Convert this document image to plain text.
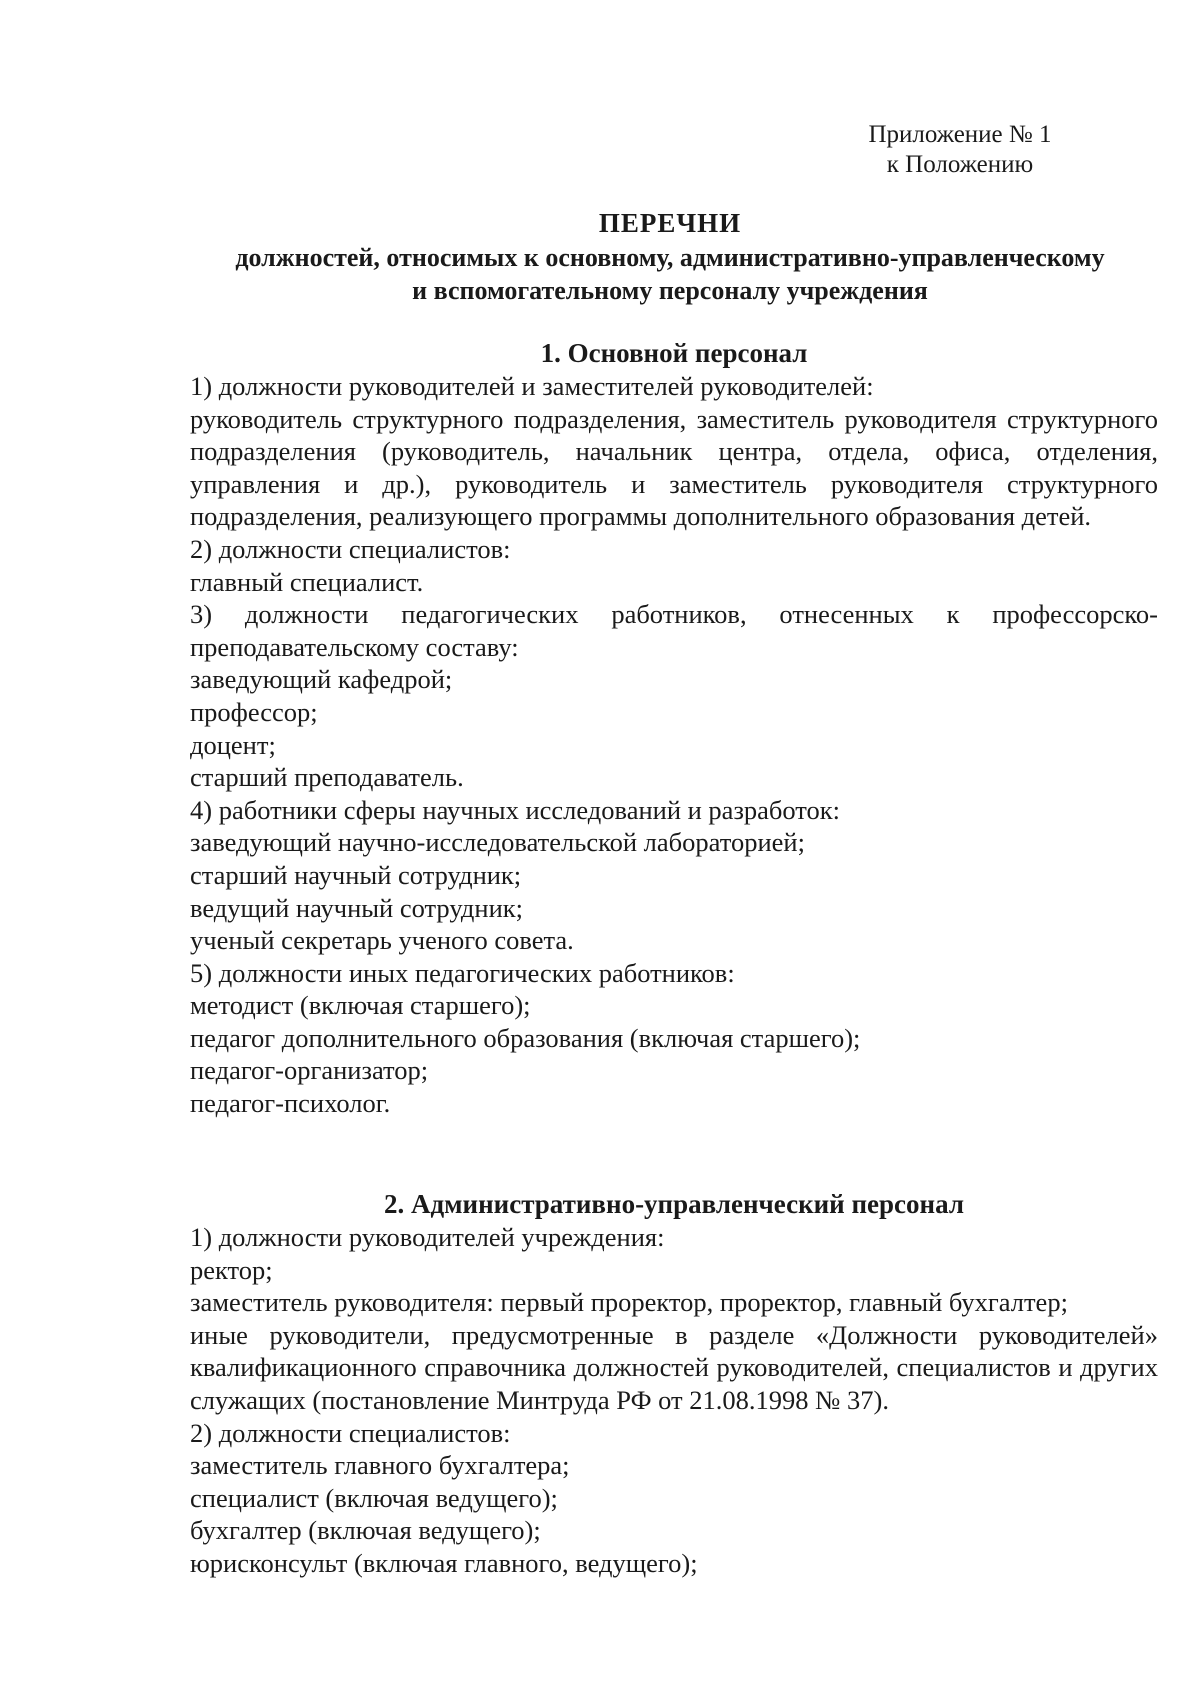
Приложение № 1
к Положению
ПЕРЕЧНИ
должностей, относимых к основному, административно-управленческому
и вспомогательному персоналу учреждения
1. Основной персонал

1) должности руководителей и заместителей руководителей:

руководитель структурного подразделения, заместитель руководителя структурного подразделения (руководитель, начальник центра, отдела, офиса, отделения, управления и др.), руководитель и заместитель руководителя структурного подразделения, реализующего программы дополнительного образования детей.

2) должности специалистов:

главный специалист.

3) должности педагогических работников, отнесенных к профессорско-

преподавательскому составу:

заведующий кафедрой;

профессор;

доцент;

старший преподаватель.

4) работники сферы научных исследований и разработок:

заведующий научно-исследовательской лабораторией;

старший научный сотрудник;

ведущий научный сотрудник;

ученый секретарь ученого совета.

5) должности иных педагогических работников:

методист (включая старшего);

педагог дополнительного образования (включая старшего);

педагог-организатор;

педагог-психолог.

2. Административно-управленческий персонал

1) должности руководителей учреждения:

ректор;

заместитель руководителя: первый проректор, проректор, главный бухгалтер;

иные руководители, предусмотренные в разделе «Должности руководителей» квалификационного справочника должностей руководителей, специалистов и других служащих (постановление Минтруда РФ от 21.08.1998 № 37).

2) должности специалистов:

заместитель главного бухгалтера;

специалист (включая ведущего);

бухгалтер (включая ведущего);

юрисконсульт (включая главного, ведущего);
